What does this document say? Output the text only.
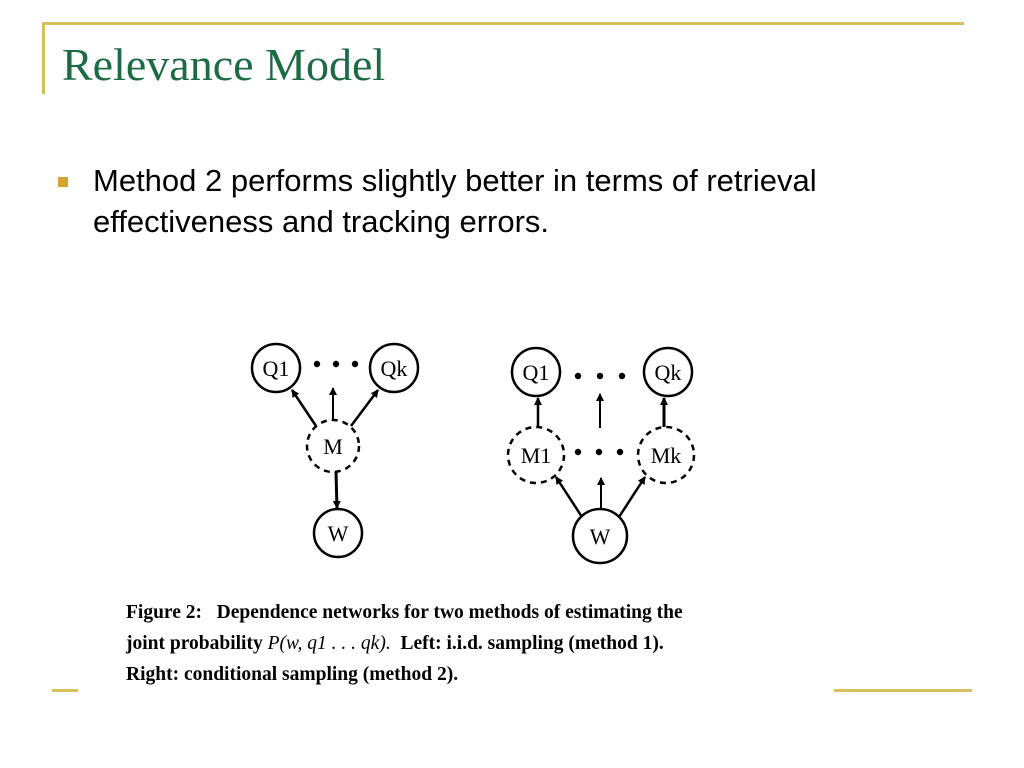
Relevance Model
Method 2 performs slightly better in terms of retrieval effectiveness and tracking errors.
Q1	Qk
M
W
Q1	Qk
M1	Mk
W
Figure 2: Dependence networks for two methods of estimating the
joint probability P(w, q1 . . . qk). Left: i.i.d. sampling (method 1).
Right: conditional sampling (method 2).
